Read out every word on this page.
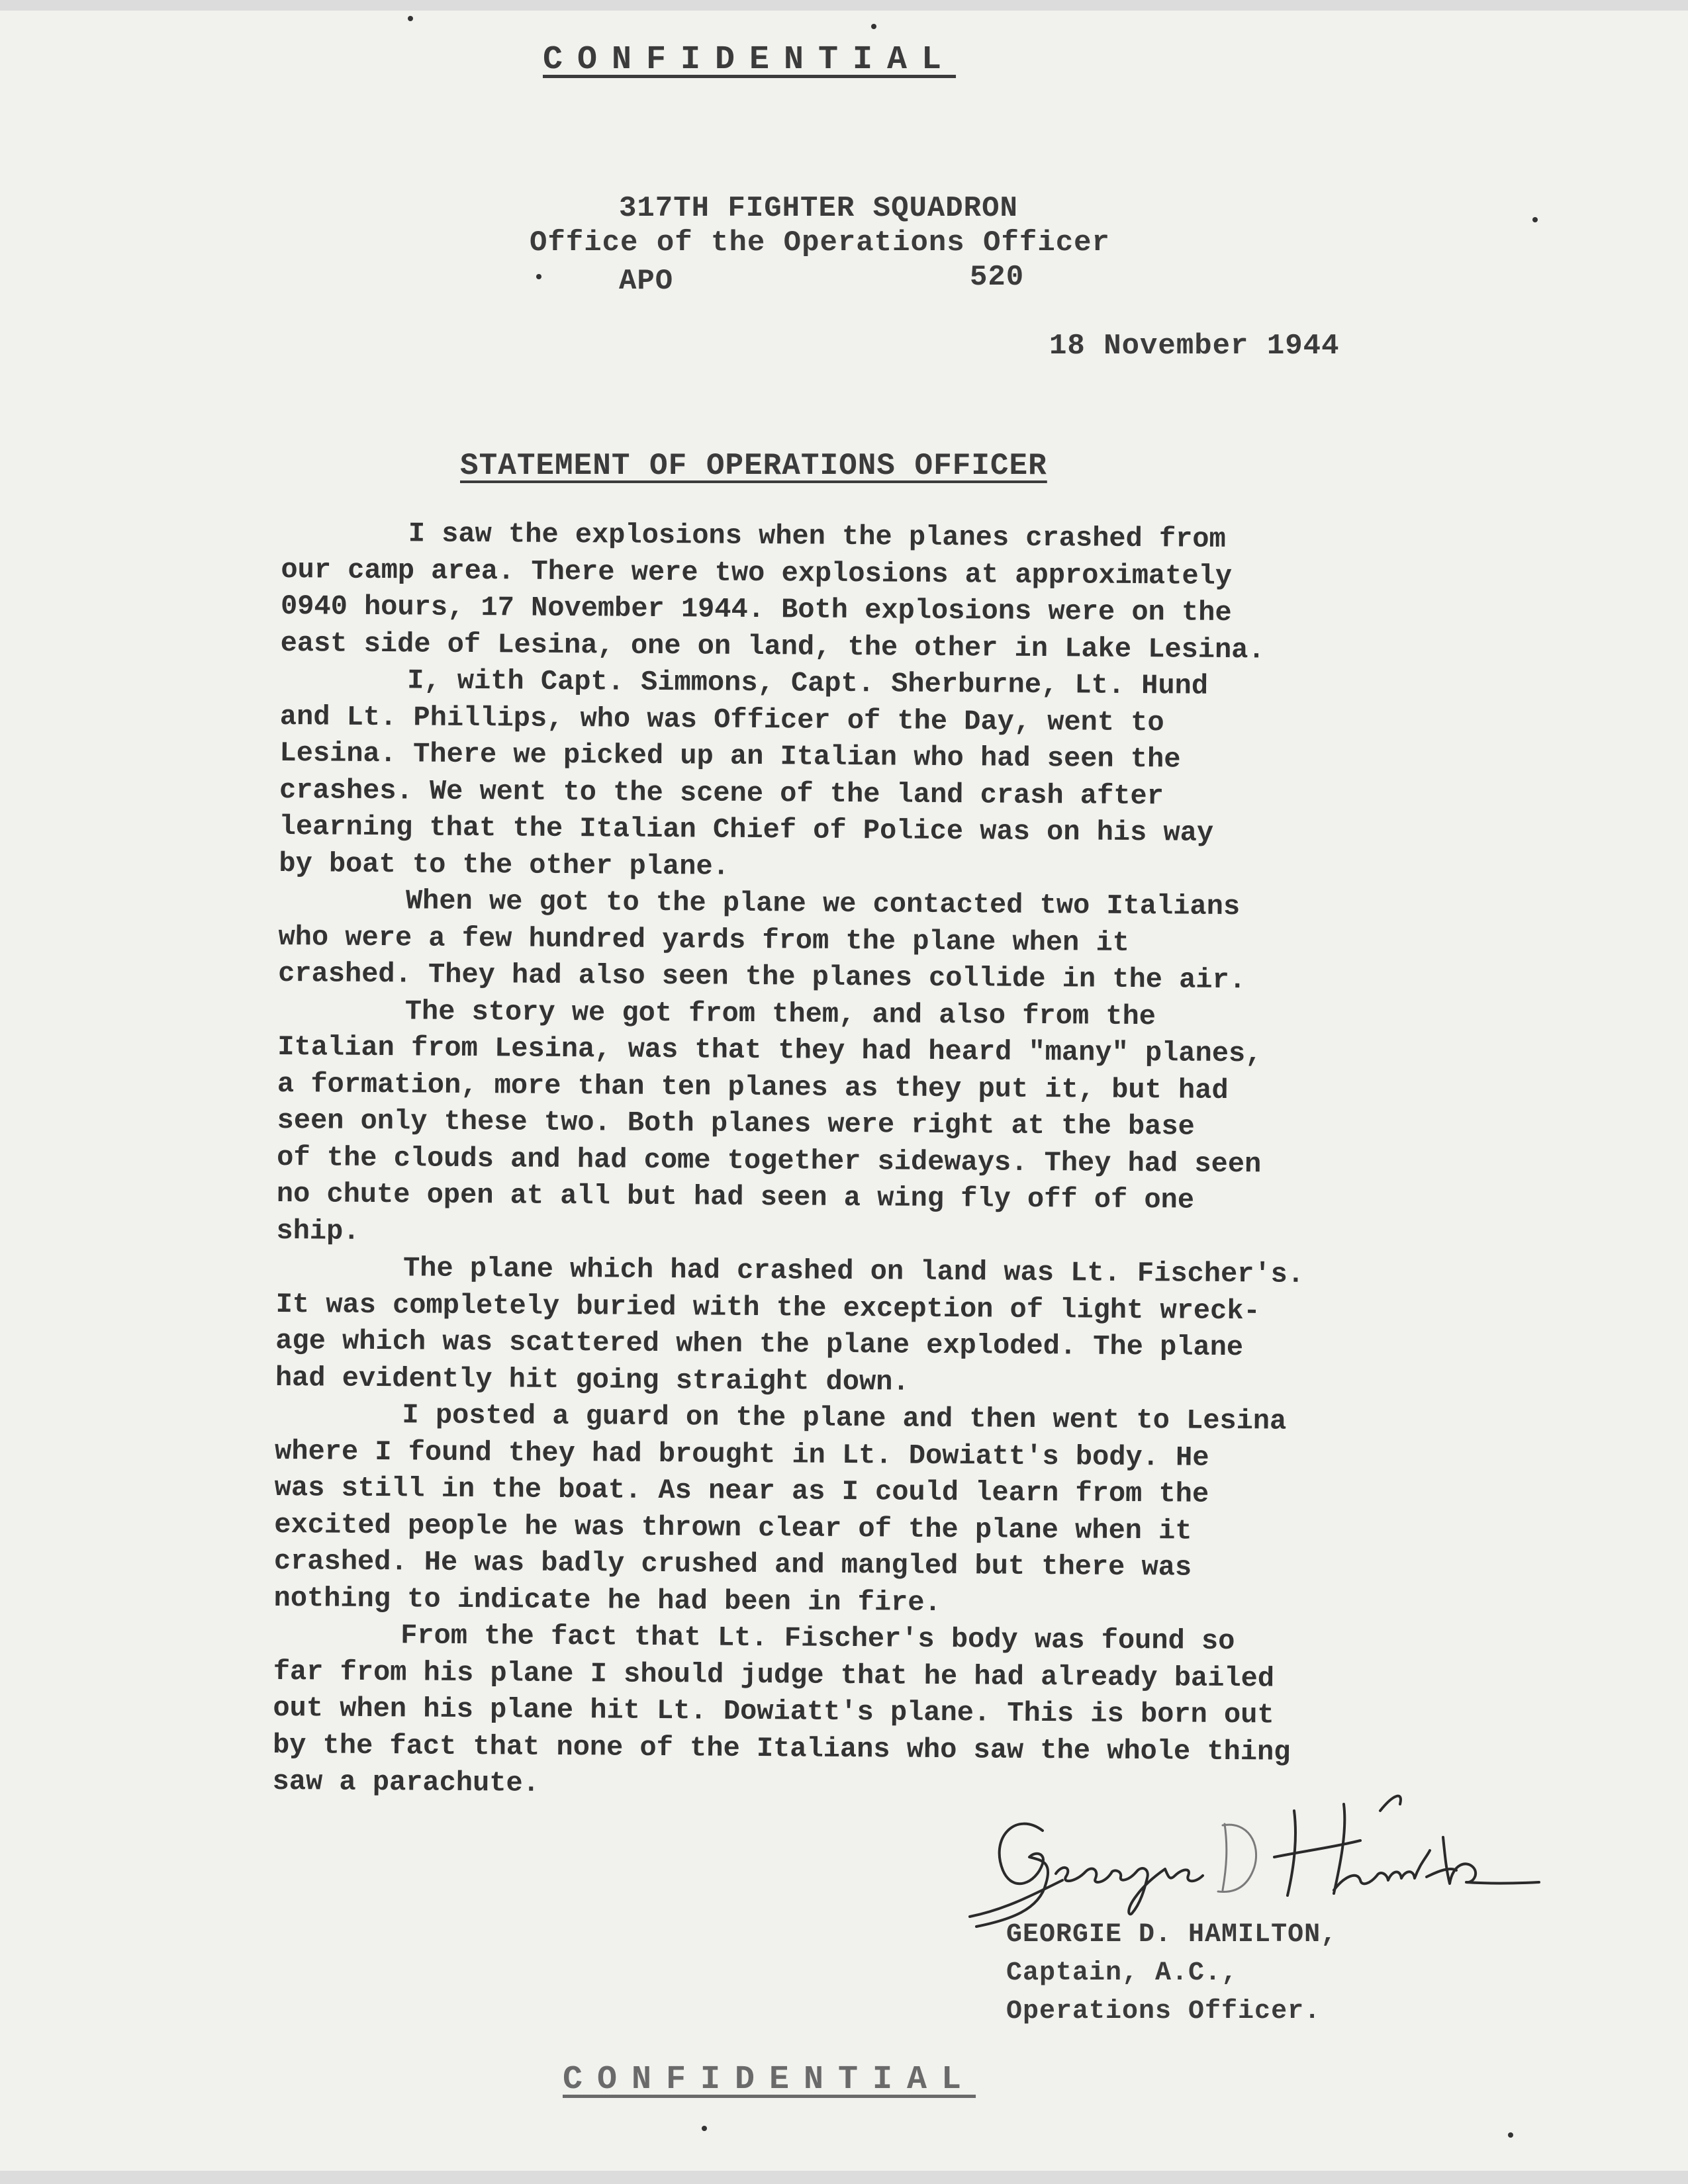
CONFIDENTIAL
317TH FIGHTER SQUADRON
Office of the Operations Officer
APO	520
18 November 1944
STATEMENT OF OPERATIONS OFFICER
I saw the explosions when the planes crashed from
our camp area. There were two explosions at approximately
0940 hours, 17 November 1944. Both explosions were on the
east side of Lesina, one on land, the other in Lake Lesina.
I, with Capt. Simmons, Capt. Sherburne, Lt. Hund
and Lt. Phillips, who was Officer of the Day, went to
Lesina. There we picked up an Italian who had seen the
crashes. We went to the scene of the land crash after
learning that the Italian Chief of Police was on his way
by boat to the other plane.
When we got to the plane we contacted two Italians
who were a few hundred yards from the plane when it
crashed. They had also seen the planes collide in the air.
The story we got from them, and also from the
Italian from Lesina, was that they had heard "many" planes,
a formation, more than ten planes as they put it, but had
seen only these two. Both planes were right at the base
of the clouds and had come together sideways. They had seen
no chute open at all but had seen a wing fly off of one
ship.
The plane which had crashed on land was Lt. Fischer's.
It was completely buried with the exception of light wreck-
age which was scattered when the plane exploded. The plane
had evidently hit going straight down.
I posted a guard on the plane and then went to Lesina
where I found they had brought in Lt. Dowiatt's body. He
was still in the boat. As near as I could learn from the
excited people he was thrown clear of the plane when it
crashed. He was badly crushed and mangled but there was
nothing to indicate he had been in fire.
From the fact that Lt. Fischer's body was found so
far from his plane I should judge that he had already bailed
out when his plane hit Lt. Dowiatt's plane. This is born out
by the fact that none of the Italians who saw the whole thing
saw a parachute.
GEORGIE D. HAMILTON,
Captain, A.C.,
Operations Officer.
CONFIDENTIAL
